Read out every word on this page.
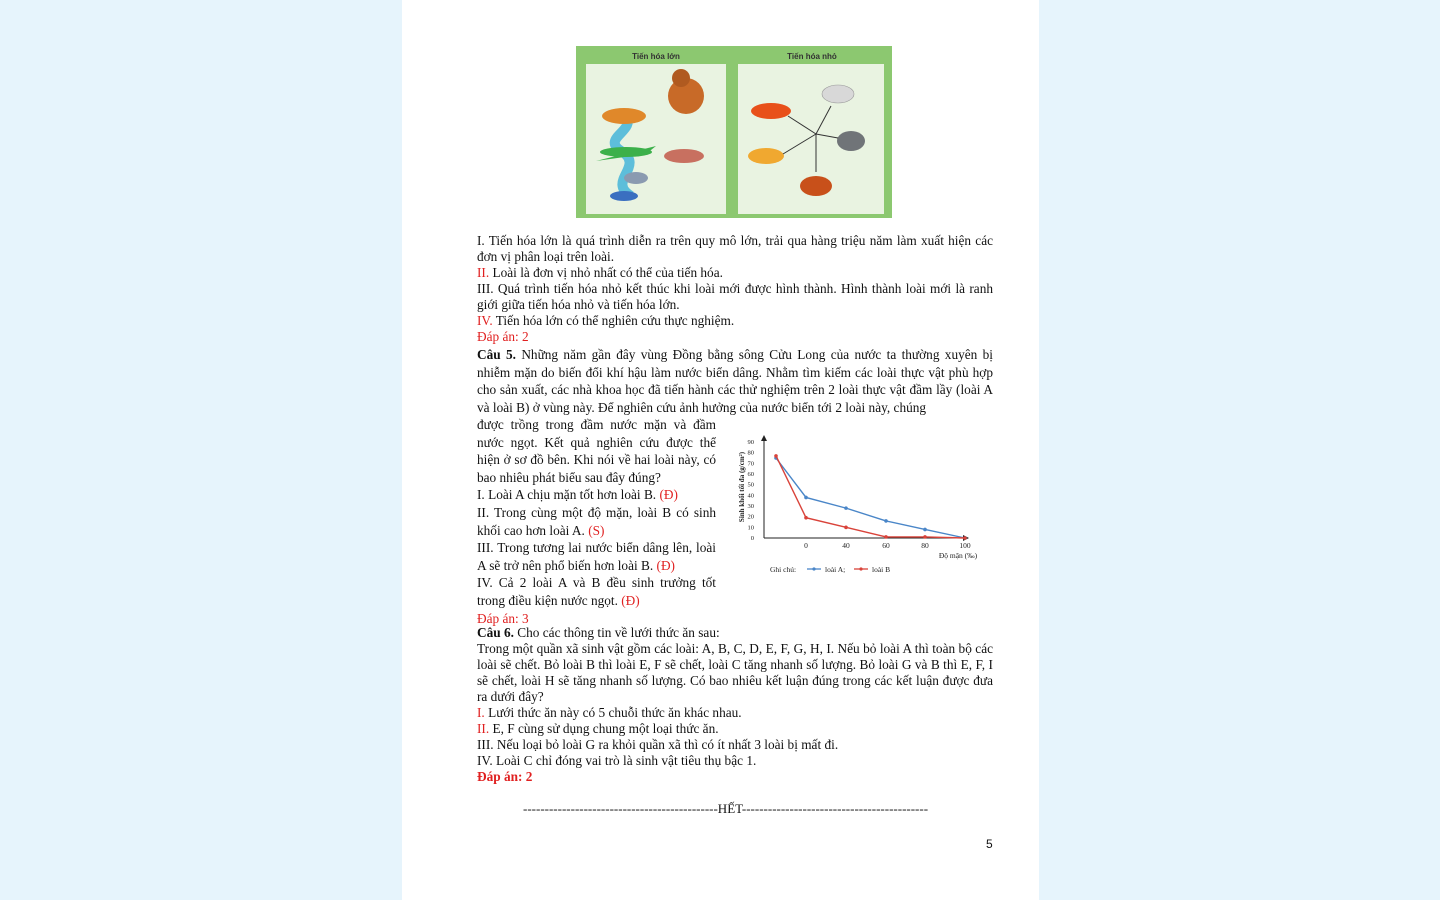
Tiến hóa lớn	Tiến hóa nhỏ

I. Tiến hóa lớn là quá trình diễn ra trên quy mô lớn, trải qua hàng triệu năm làm xuất hiện các đơn vị phân loại trên loài.

II. Loài là đơn vị nhỏ nhất có thể của tiến hóa.

III. Quá trình tiến hóa nhỏ kết thúc khi loài mới được hình thành. Hình thành loài mới là ranh giới giữa tiến hóa nhỏ và tiến hóa lớn.

IV. Tiến hóa lớn có thể nghiên cứu thực nghiệm.

Đáp án: 2

Câu 5. Những năm gần đây vùng Đồng bằng sông Cửu Long của nước ta thường xuyên bị nhiễm mặn do biến đổi khí hậu làm nước biển dâng. Nhằm tìm kiếm các loài thực vật phù hợp cho sản xuất, các nhà khoa học đã tiến hành các thử nghiệm trên 2 loài thực vật đầm lầy (loài A và loài B) ở vùng này. Để nghiên cứu ảnh hưởng của nước biển tới 2 loài này, chúng

được trồng trong đầm nước mặn và đầm nước ngọt. Kết quả nghiên cứu được thể hiện ở sơ đồ bên. Khi nói về hai loài này, có bao nhiêu phát biểu sau đây đúng?

I. Loài A chịu mặn tốt hơn loài B. (Đ)

II. Trong cùng một độ mặn, loài B có sinh khối cao hơn loài A. (S)

III. Trong tương lai nước biển dâng lên, loài A sẽ trở nên phổ biến hơn loài B. (Đ)

IV. Cả 2 loài A và B đều sinh trưởng tốt trong điều kiện nước ngọt. (Đ)

Đáp án: 3

0
10
20
30
40
50
60
70
80
90
0	40	60	80	100
Sinh khối tối đa (g/cm²)
Độ mặn (‰)
Ghi chú:	loài A;	loài B

Câu 6. Cho các thông tin về lưới thức ăn sau:

Trong một quần xã sinh vật gồm các loài: A, B, C, D, E, F, G, H, I. Nếu bỏ loài A thì toàn bộ các loài sẽ chết. Bỏ loài B thì loài E, F sẽ chết, loài C tăng nhanh số lượng. Bỏ loài G và B thì E, F, I sẽ chết, loài H sẽ tăng nhanh số lượng. Có bao nhiêu kết luận đúng trong các kết luận được đưa ra dưới đây?

I. Lưới thức ăn này có 5 chuỗi thức ăn khác nhau.

II. E, F cùng sử dụng chung một loại thức ăn.

III. Nếu loại bỏ loài G ra khỏi quần xã thì có ít nhất 3 loài bị mất đi.

IV. Loài C chỉ đóng vai trò là sinh vật tiêu thụ bậc 1.

Đáp án: 2

---------------------------------------------HẾT-------------------------------------------
5
